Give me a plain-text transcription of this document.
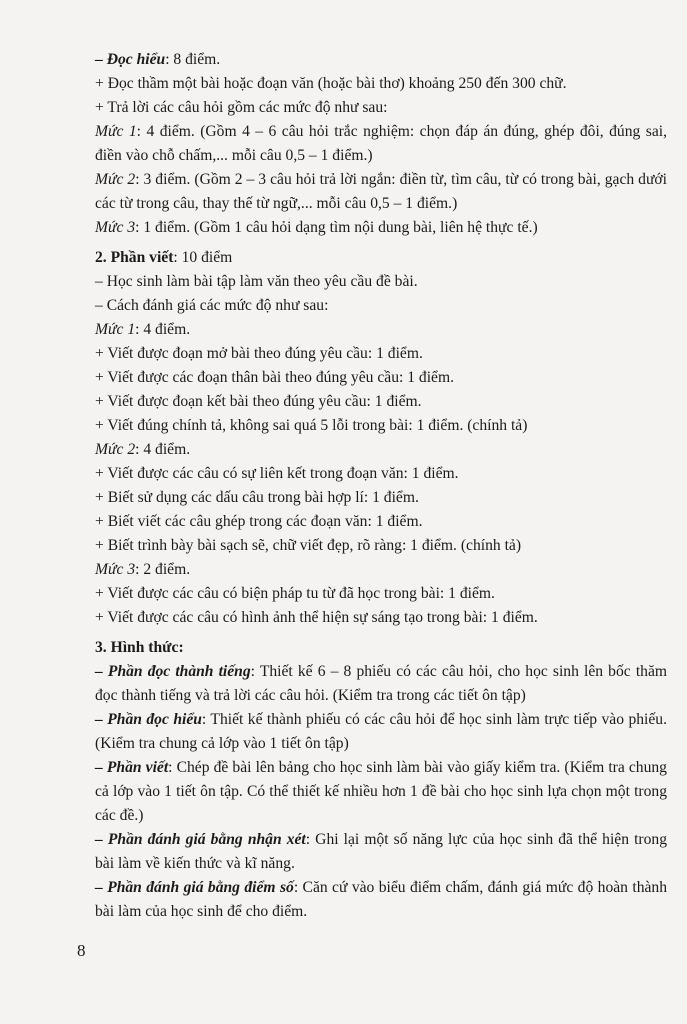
– Đọc hiểu: 8 điểm.
+ Đọc thầm một bài hoặc đoạn văn (hoặc bài thơ) khoảng 250 đến 300 chữ.
+ Trả lời các câu hỏi gồm các mức độ như sau:
Mức 1: 4 điểm. (Gồm 4 – 6 câu hỏi trắc nghiệm: chọn đáp án đúng, ghép đôi, đúng sai, điền vào chỗ chấm,... mỗi câu 0,5 – 1 điểm.)
Mức 2: 3 điểm. (Gồm 2 – 3 câu hỏi trả lời ngắn: điền từ, tìm câu, từ có trong bài, gạch dưới các từ trong câu, thay thế từ ngữ,... mỗi câu 0,5 – 1 điểm.)
Mức 3: 1 điểm. (Gồm 1 câu hỏi dạng tìm nội dung bài, liên hệ thực tế.)
2. Phần viết: 10 điểm
– Học sinh làm bài tập làm văn theo yêu cầu đề bài.
– Cách đánh giá các mức độ như sau:
Mức 1: 4 điểm.
+ Viết được đoạn mở bài theo đúng yêu cầu: 1 điểm.
+ Viết được các đoạn thân bài theo đúng yêu cầu: 1 điểm.
+ Viết được đoạn kết bài theo đúng yêu cầu: 1 điểm.
+ Viết đúng chính tả, không sai quá 5 lỗi trong bài: 1 điểm. (chính tả)
Mức 2: 4 điểm.
+ Viết được các câu có sự liên kết trong đoạn văn: 1 điểm.
+ Biết sử dụng các dấu câu trong bài hợp lí: 1 điểm.
+ Biết viết các câu ghép trong các đoạn văn: 1 điểm.
+ Biết trình bày bài sạch sẽ, chữ viết đẹp, rõ ràng: 1 điểm. (chính tả)
Mức 3: 2 điểm.
+ Viết được các câu có biện pháp tu từ đã học trong bài: 1 điểm.
+ Viết được các câu có hình ảnh thể hiện sự sáng tạo trong bài: 1 điểm.
3. Hình thức:
– Phần đọc thành tiếng: Thiết kế 6 – 8 phiếu có các câu hỏi, cho học sinh lên bốc thăm đọc thành tiếng và trả lời các câu hỏi. (Kiểm tra trong các tiết ôn tập)
– Phần đọc hiểu: Thiết kế thành phiếu có các câu hỏi để học sinh làm trực tiếp vào phiếu. (Kiểm tra chung cả lớp vào 1 tiết ôn tập)
– Phần viết: Chép đề bài lên bảng cho học sinh làm bài vào giấy kiểm tra. (Kiểm tra chung cả lớp vào 1 tiết ôn tập. Có thể thiết kế nhiều hơn 1 đề bài cho học sinh lựa chọn một trong các đề.)
– Phần đánh giá bằng nhận xét: Ghi lại một số năng lực của học sinh đã thể hiện trong bài làm về kiến thức và kĩ năng.
– Phần đánh giá bằng điểm số: Căn cứ vào biểu điểm chấm, đánh giá mức độ hoàn thành bài làm của học sinh để cho điểm.
8
